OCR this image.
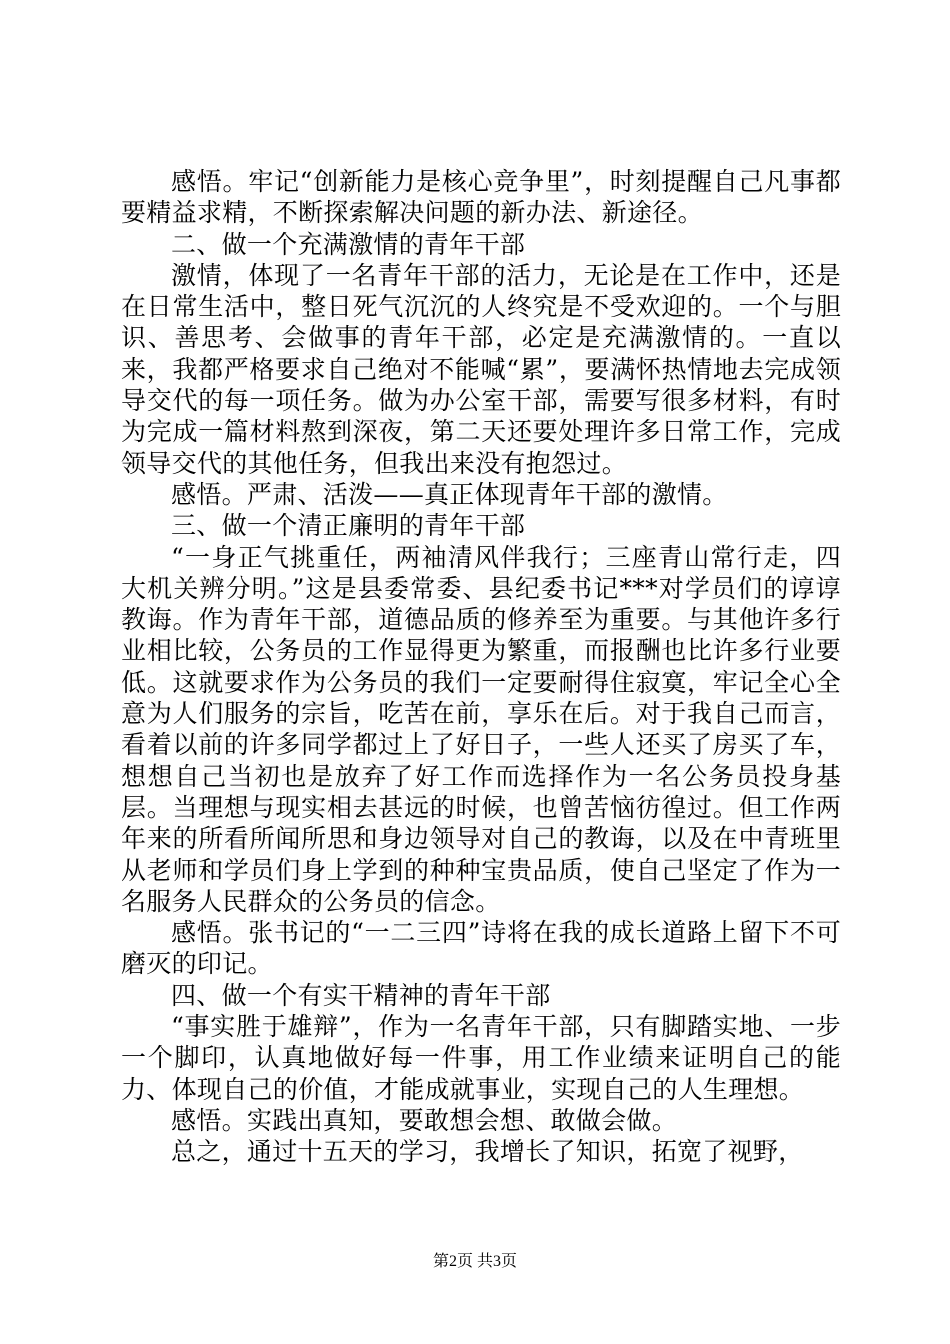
感悟。牢记“创新能力是核心竞争里”，时刻提醒自己凡事都要精益求精，不断探索解决问题的新办法、新途径。

二、做一个充满激情的青年干部

激情，体现了一名青年干部的活力，无论是在工作中，还是在日常生活中，整日死气沉沉的人终究是不受欢迎的。一个与胆识、善思考、会做事的青年干部，必定是充满激情的。一直以来，我都严格要求自己绝对不能喊“累”，要满怀热情地去完成领导交代的每一项任务。做为办公室干部，需要写很多材料，有时为完成一篇材料熬到深夜，第二天还要处理许多日常工作，完成领导交代的其他任务，但我出来没有抱怨过。

感悟。严肃、活泼——真正体现青年干部的激情。

三、做一个清正廉明的青年干部

“一身正气挑重任，两袖清风伴我行；三座青山常行走，四大机关辨分明。”这是县委常委、县纪委书记***对学员们的谆谆教诲。作为青年干部，道德品质的修养至为重要。与其他许多行业相比较，公务员的工作显得更为繁重，而报酬也比许多行业要低。这就要求作为公务员的我们一定要耐得住寂寞，牢记全心全意为人们服务的宗旨，吃苦在前，享乐在后。对于我自己而言，看着以前的许多同学都过上了好日子，一些人还买了房买了车，想想自己当初也是放弃了好工作而选择作为一名公务员投身基层。当理想与现实相去甚远的时候，也曾苦恼彷徨过。但工作两年来的所看所闻所思和身边领导对自己的教诲，以及在中青班里从老师和学员们身上学到的种种宝贵品质，使自己坚定了作为一名服务人民群众的公务员的信念。

感悟。张书记的“一二三四”诗将在我的成长道路上留下不可磨灭的印记。

四、做一个有实干精神的青年干部

“事实胜于雄辩”，作为一名青年干部，只有脚踏实地、一步一个脚印，认真地做好每一件事，用工作业绩来证明自己的能力、体现自己的价值，才能成就事业，实现自己的人生理想。

感悟。实践出真知，要敢想会想、敢做会做。

总之，通过十五天的学习，我增长了知识，拓宽了视野，

第2页 共3页
